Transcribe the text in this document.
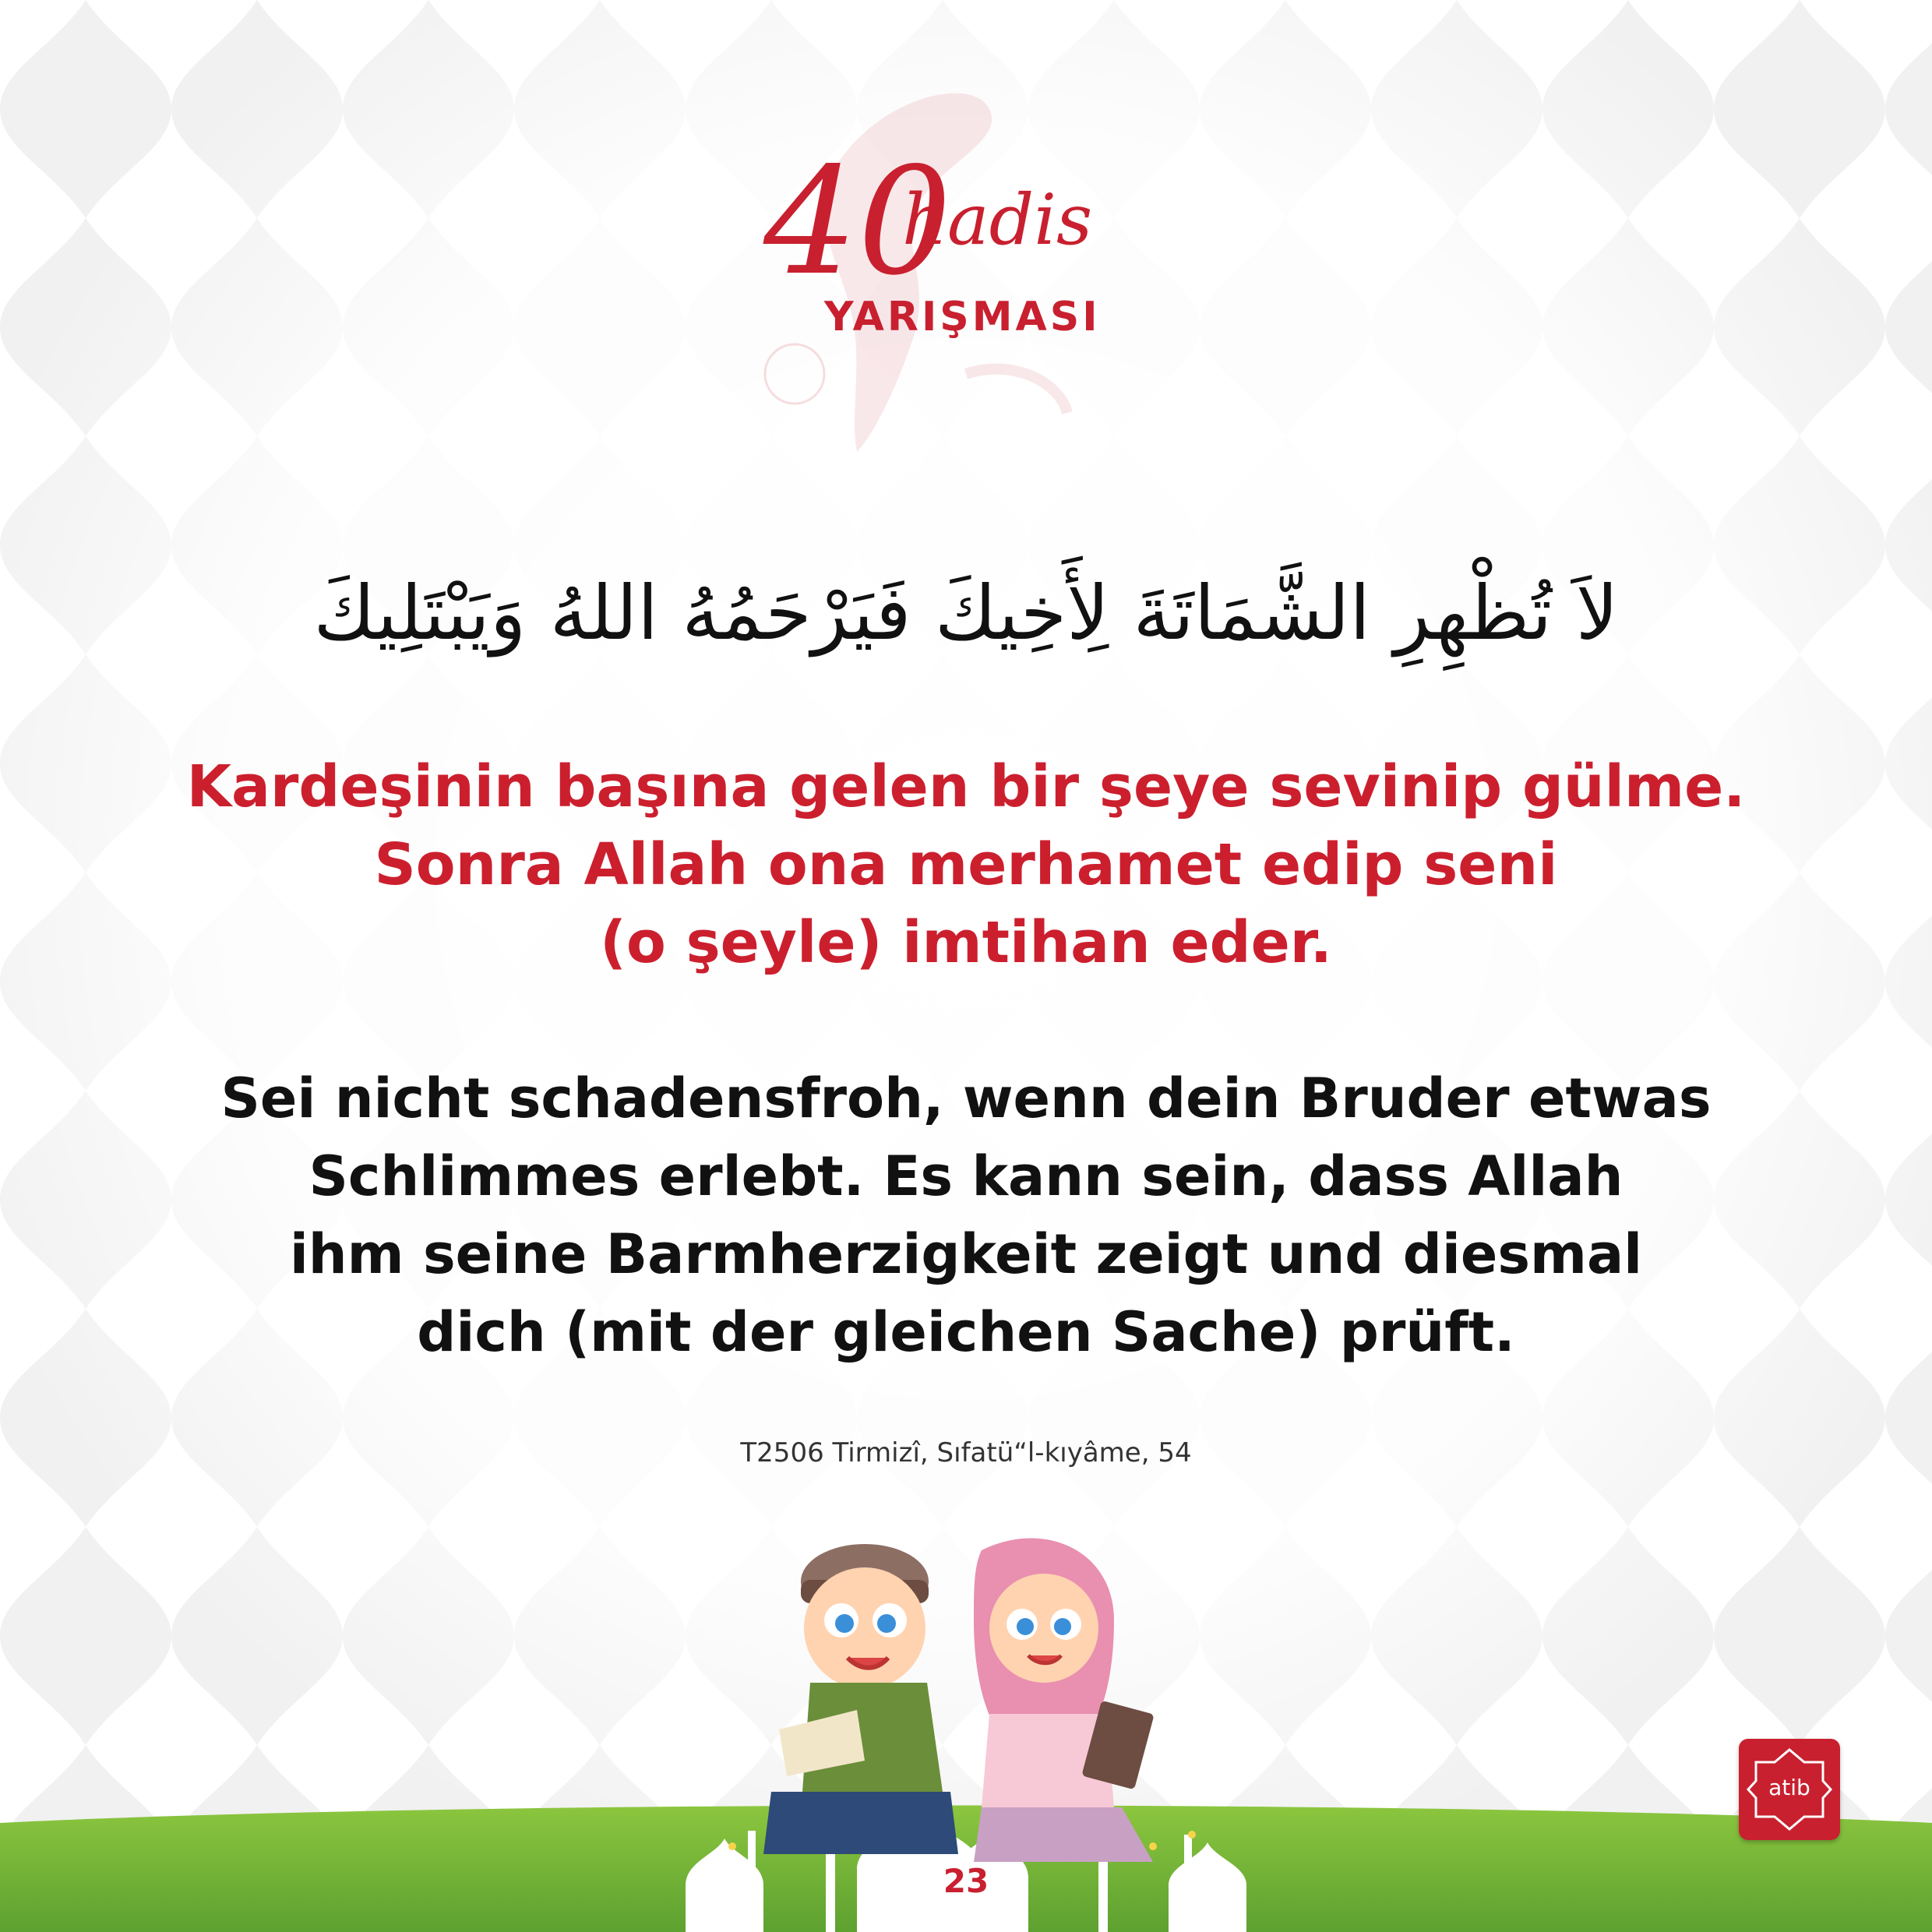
40
hadis
YARIŞMASI
لاَ تُظْهِرِ الشَّمَاتَةَ لِأَخِيكَ فَيَرْحَمُهُ اللهُ وَيَبْتَلِيكَ
Kardeşinin başına gelen bir şeye sevinip gülme.
Sonra Allah ona merhamet edip seni
(o şeyle) imtihan eder.
Sei nicht schadensfroh, wenn dein Bruder etwas
Schlimmes erlebt. Es kann sein, dass Allah
ihm seine Barmherzigkeit zeigt und diesmal
dich (mit der gleichen Sache) prüft.
T2506 Tirmizî, Sıfatü“l-kıyâme, 54
23
atib
